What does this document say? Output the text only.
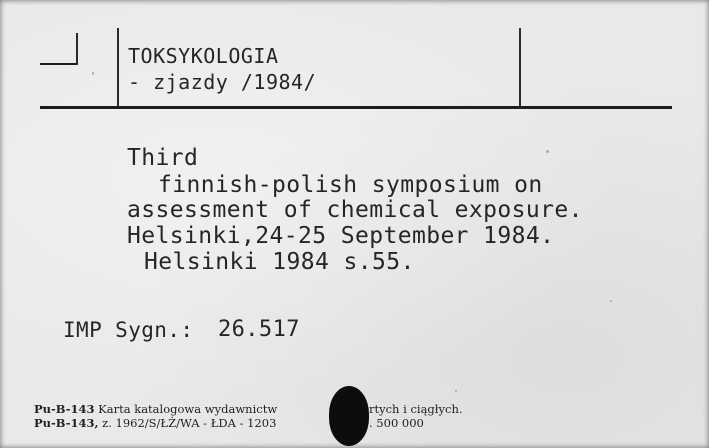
TOKSYKOLOGIA
- zjazdy /1984/
Third
finnish-polish symposium on
assessment of chemical exposure.
Helsinki,24-25 September 1984.
Helsinki 1984 s.55.
IMP Sygn.: 26.517
Pu-B-143 Karta katalogowa wydawnictw	rtych i ciągłych.
Pu-B-143, z. 1962/S/ŁŻ/WA - ŁDA - 1203	. 500 000
